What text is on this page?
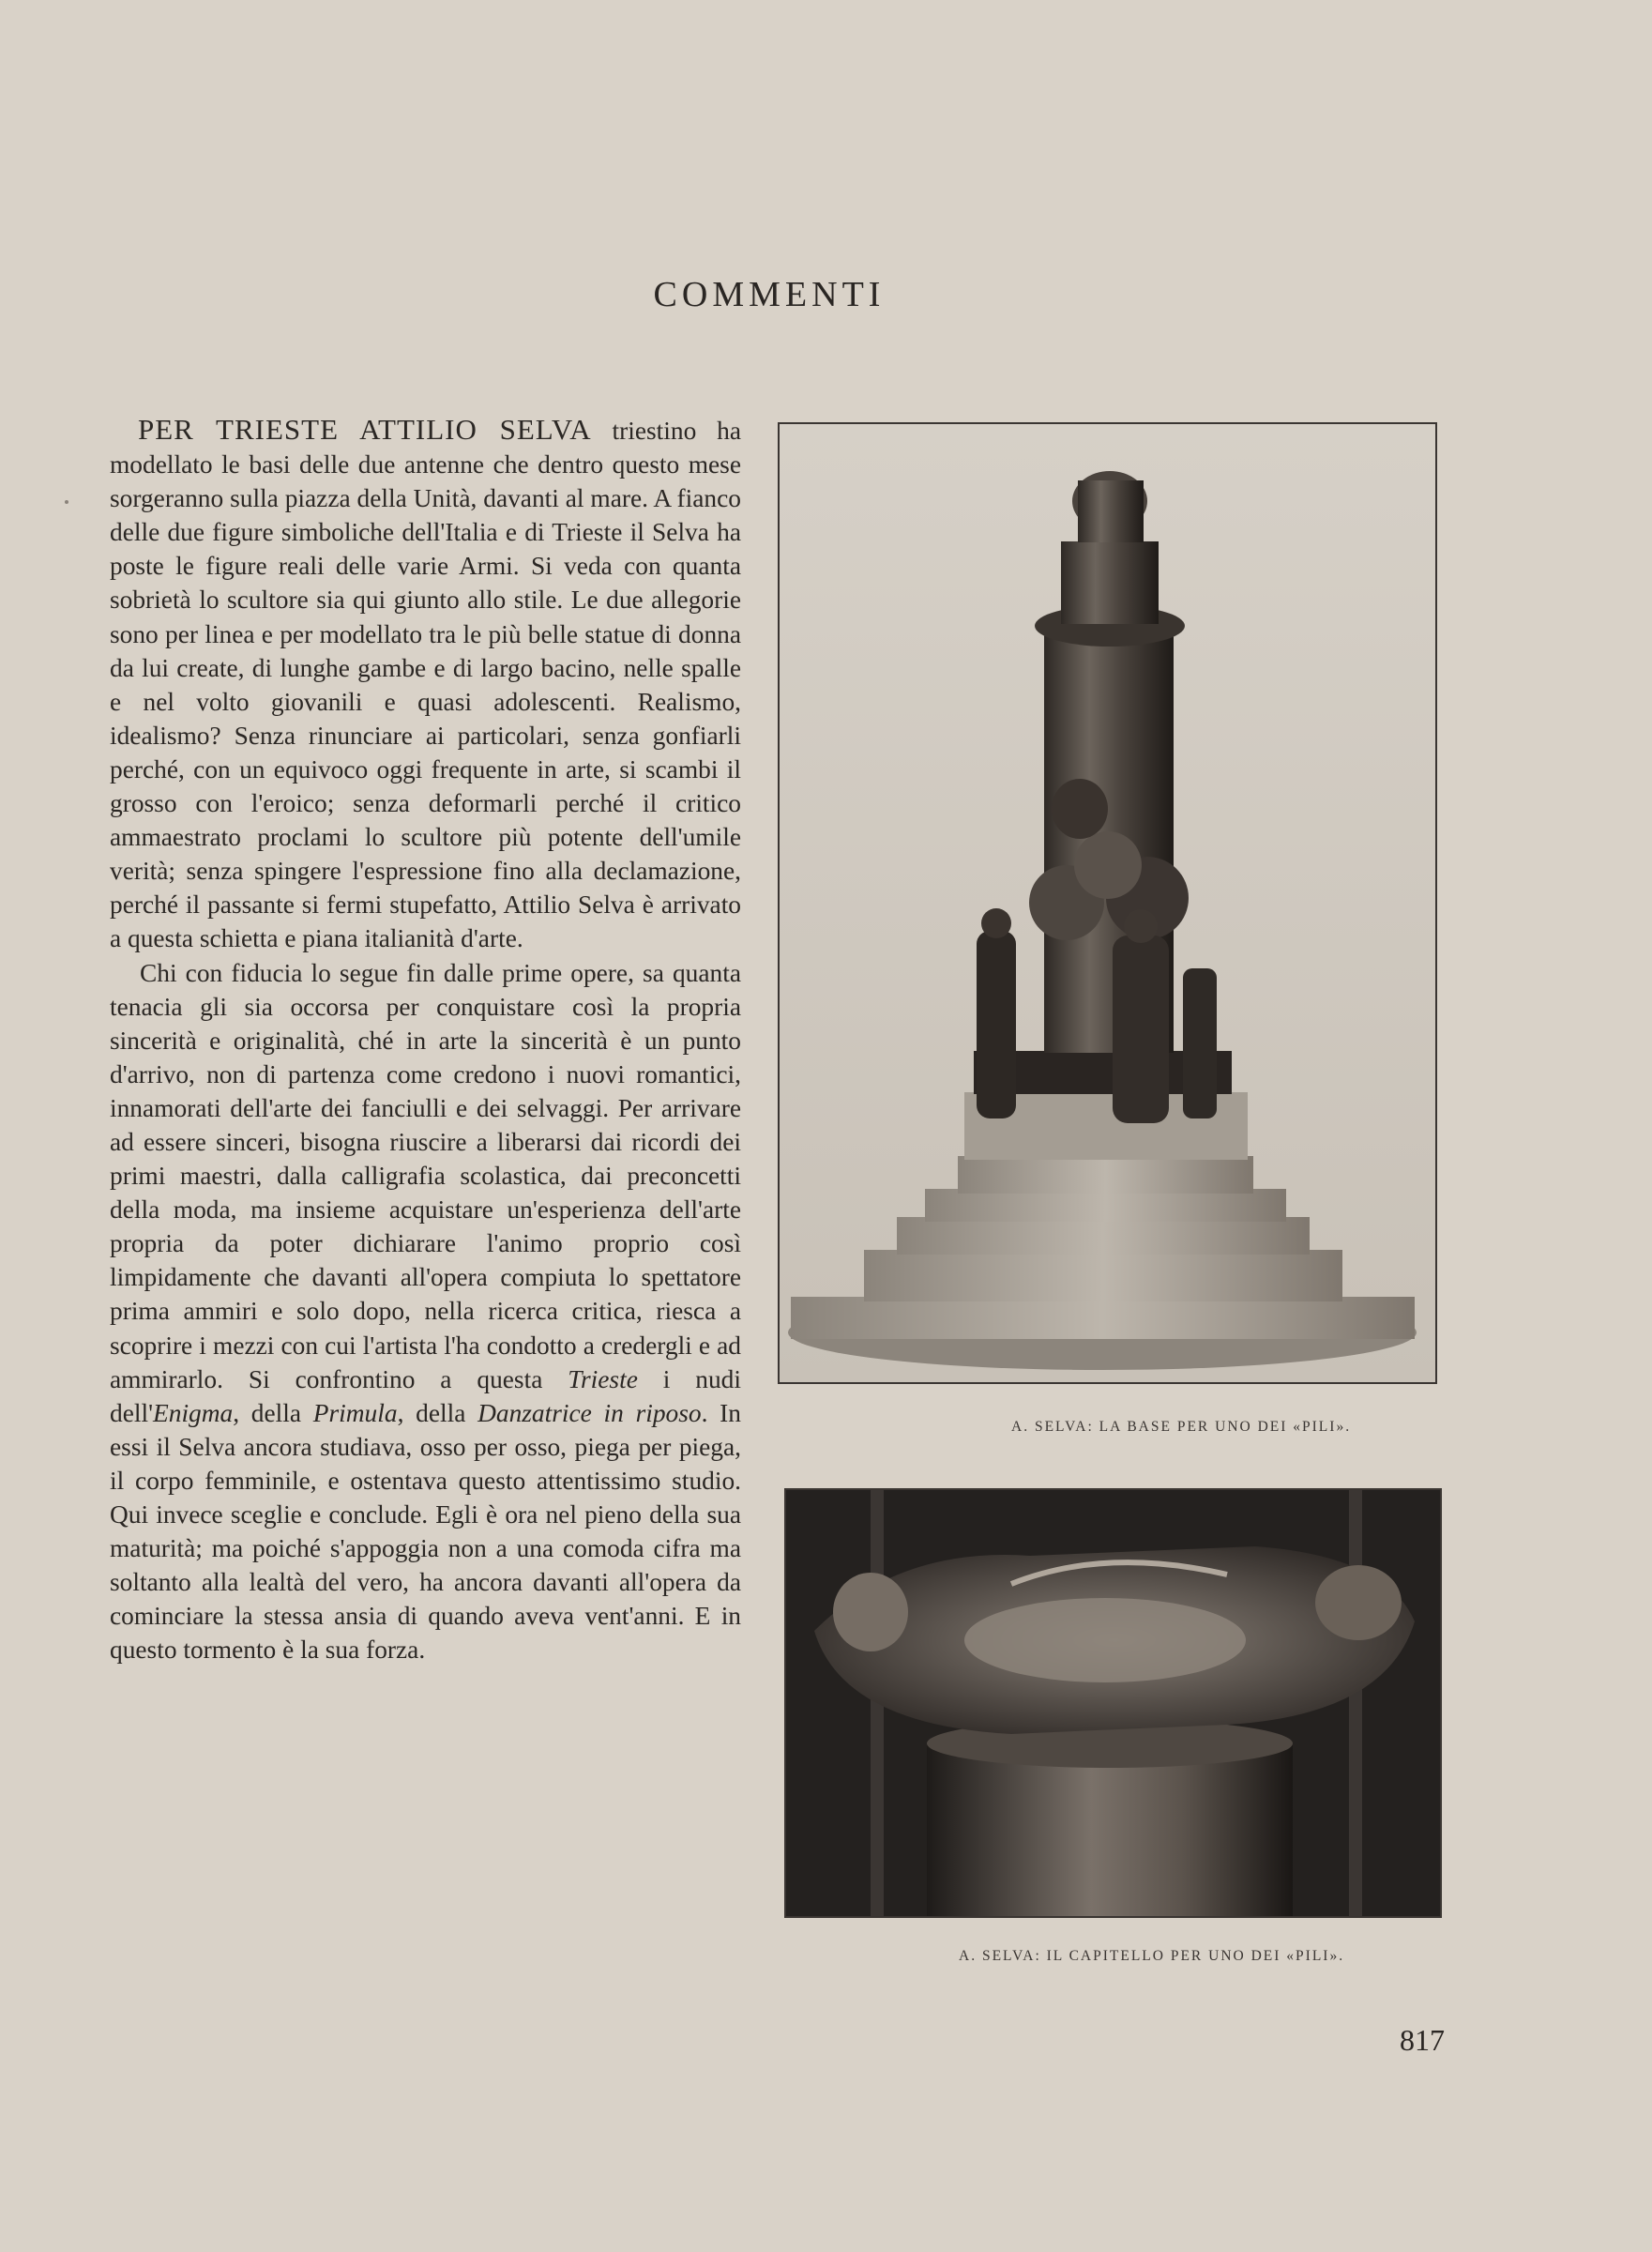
COMMENTI

PER TRIESTE ATTILIO SELVA triestino ha modellato le basi delle due antenne che dentro questo mese sorgeranno sulla piazza della Unità, davanti al mare. A fianco delle due figure simboliche dell'Italia e di Trieste il Selva ha poste le figure reali delle varie Armi. Si veda con quanta sobrietà lo scultore sia qui giunto allo stile. Le due allegorie sono per linea e per modellato tra le più belle statue di donna da lui create, di lunghe gambe e di largo bacino, nelle spalle e nel volto giovanili e quasi adolescenti. Realismo, idealismo? Senza rinunciare ai particolari, senza gonfiarli perché, con un equivoco oggi frequente in arte, si scambi il grosso con l'eroico; senza deformarli perché il critico ammaestrato proclami lo scultore più potente dell'umile verità; senza spingere l'espressione fino alla declamazione, perché il passante si fermi stupefatto, Attilio Selva è arrivato a questa schietta e piana italianità d'arte.

Chi con fiducia lo segue fin dalle prime opere, sa quanta tenacia gli sia occorsa per conquistare così la propria sincerità e originalità, ché in arte la sincerità è un punto d'arrivo, non di partenza come credono i nuovi romantici, innamorati dell'arte dei fanciulli e dei selvaggi. Per arrivare ad essere sinceri, bisogna riuscire a liberarsi dai ricordi dei primi maestri, dalla calligrafia scolastica, dai preconcetti della moda, ma insieme acquistare un'esperienza dell'arte propria da poter dichiarare l'animo proprio così limpidamente che davanti all'opera compiuta lo spettatore prima ammiri e solo dopo, nella ricerca critica, riesca a scoprire i mezzi con cui l'artista l'ha condotto a credergli e ad ammirarlo. Si confrontino a questa Trieste i nudi dell'Enigma, della Primula, della Danzatrice in riposo. In essi il Selva ancora studiava, osso per osso, piega per piega, il corpo femminile, e ostentava questo attentissimo studio. Qui invece sceglie e conclude. Egli è ora nel pieno della sua maturità; ma poiché s'appoggia non a una comoda cifra ma soltanto alla lealtà del vero, ha ancora davanti all'opera da cominciare la stessa ansia di quando aveva vent'anni. E in questo tormento è la sua forza.

A. SELVA: LA BASE PER UNO DEI «PILI».
A. SELVA: IL CAPITELLO PER UNO DEI «PILI».
817
